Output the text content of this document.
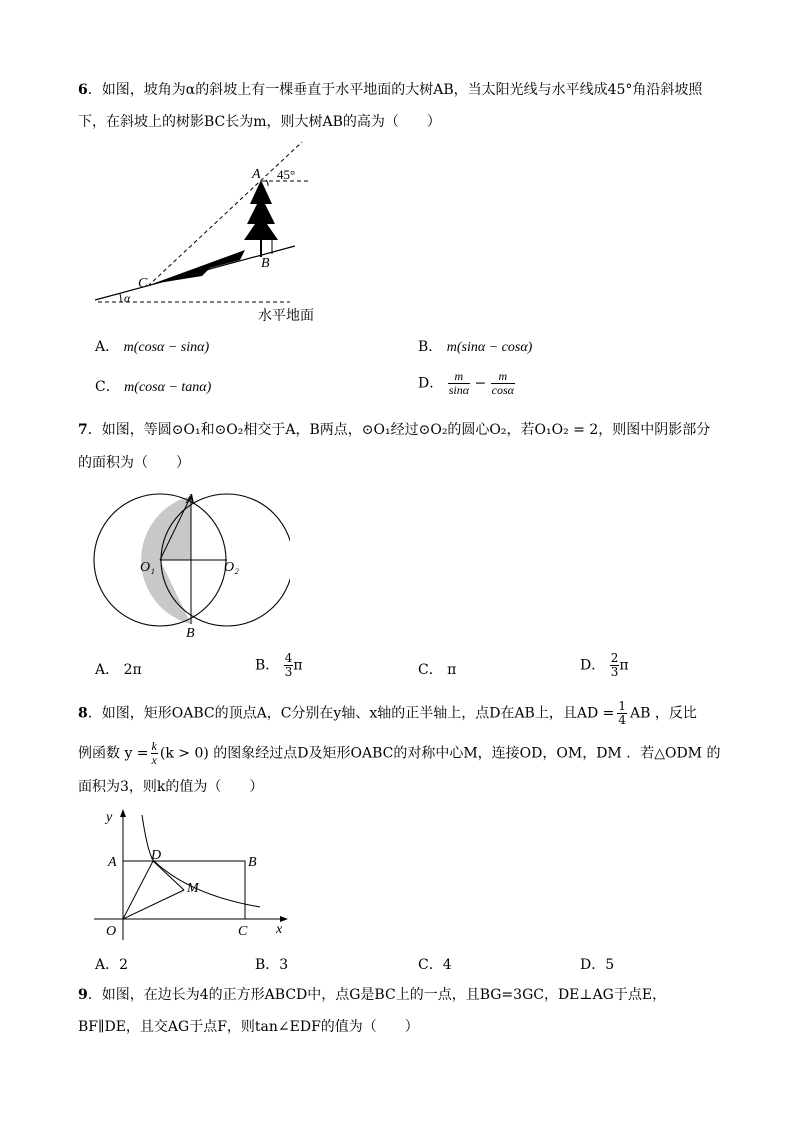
6．如图，坡角为α的斜坡上有一棵垂直于水平地面的大树AB，当太阳光线与水平线成45°角沿斜坡照
下，在斜坡上的树影BC长为m，则大树AB的高为（　　）
A 45°
B
C
α
水平地面
A． m(cosα − sinα)	B． m(sinα − cosα)
C． m(cosα − tanα)	D． $\frac{m}{\sin\alpha} - \frac{m}{\cos\alpha}$
7．如图，等圆⊙O₁和⊙O₂相交于A，B两点，⊙O₁经过⊙O₂的圆心O₂，若O₁O₂ = 2，则图中阴影部分
的面积为（　　）
A
B
O₁	O₂
A． 2π	B． $\frac{4}{3}$ π	C． π	D． $\frac{2}{3}$ π
8．如图，矩形OABC的顶点A，C分别在y轴、x轴的正半轴上，点D在AB上，且AD = $\frac{1}{4}$ AB ，反比
例函数 $y = \frac{k}{x} (k > 0)$ 的图象经过点D及矩形OABC的对称中心M，连接OD，OM，DM ．若△ODM 的
面积为3，则k的值为（　　）
y
x
O
A	B
C
D
M
A．2	B．3	C．4	D．5
9．如图，在边长为4的正方形ABCD中，点G是BC上的一点，且BG=3GC，DE⊥AG于点E，
BF∥DE，且交AG于点F，则tan∠EDF的值为（　　）
